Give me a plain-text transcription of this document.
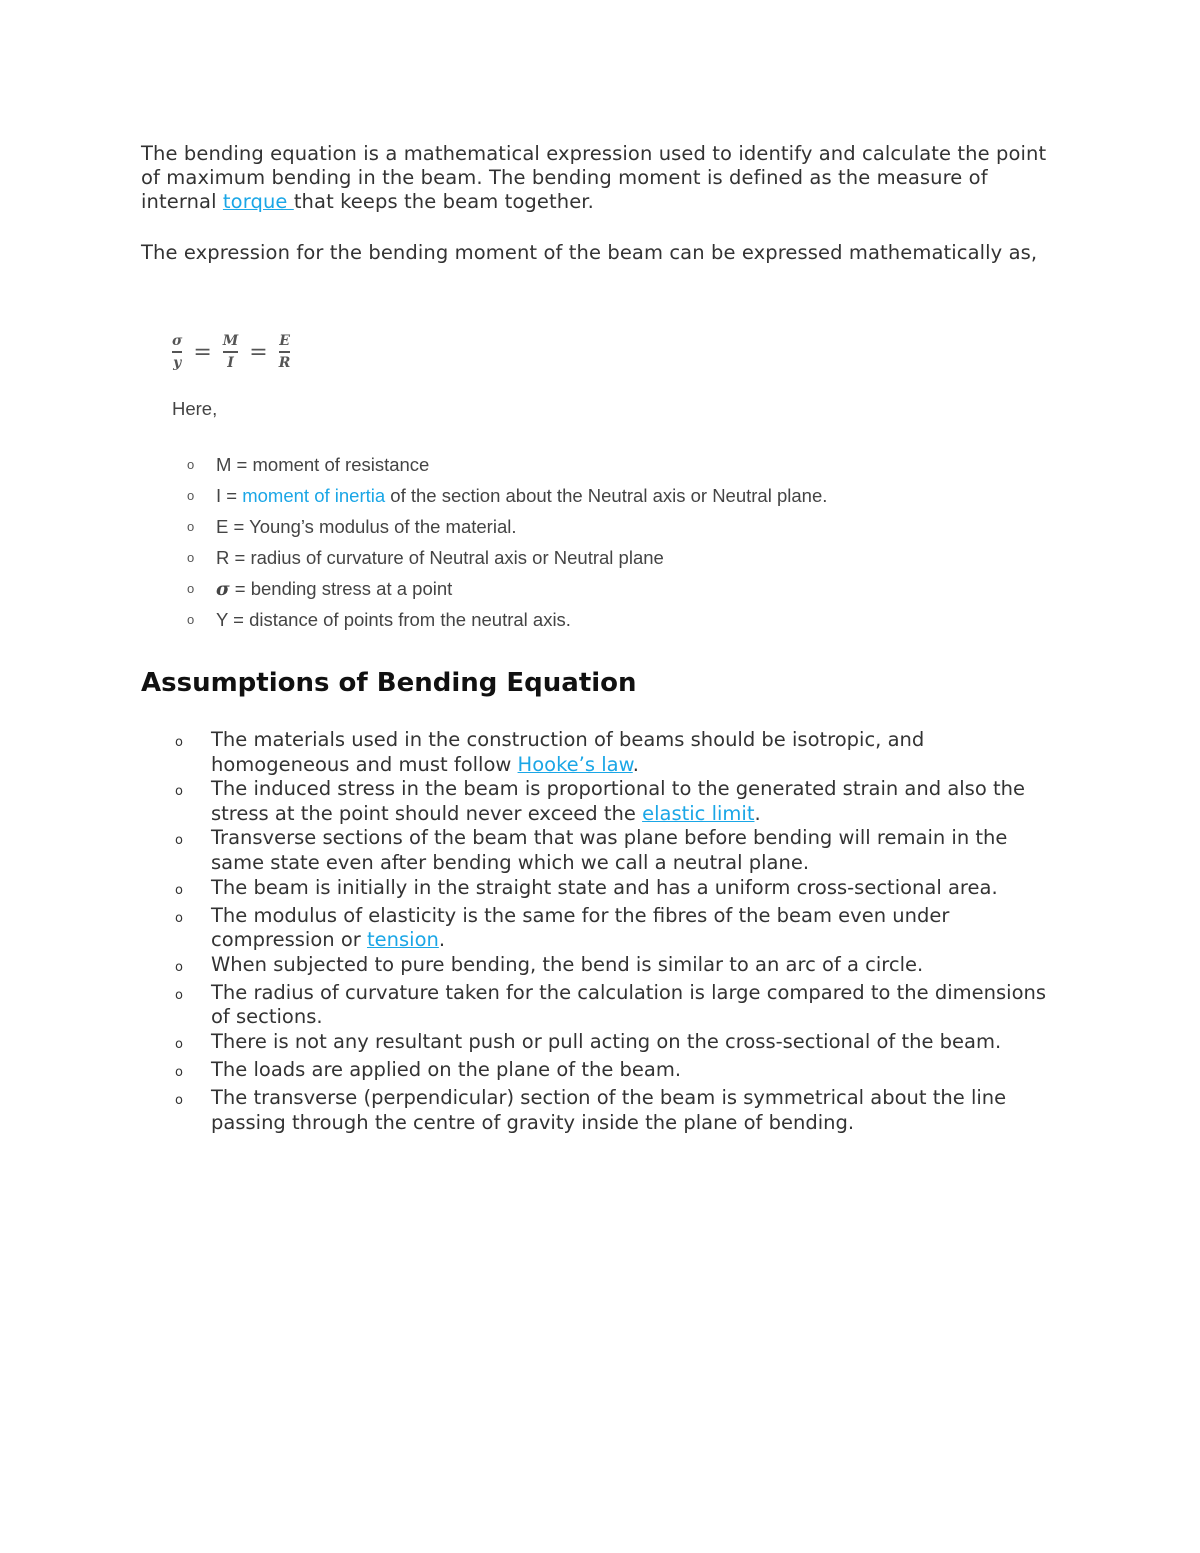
The bending equation is a mathematical expression used to identify and calculate the point of maximum bending in the beam. The bending moment is defined as the measure of internal torque that keeps the beam together.

The expression for the bending moment of the beam can be expressed mathematically as,

$\frac{\sigma}{y} = \frac{M}{I} = \frac{E}{R}$
Here,
o	M = moment of resistance
o	I = moment of inertia of the section about the Neutral axis or Neutral plane.
o	E = Young’s modulus of the material.
o	R = radius of curvature of Neutral axis or Neutral plane
o	σ = bending stress at a point
o	Y = distance of points from the neutral axis.
Assumptions of Bending Equation
o	The materials used in the construction of beams should be isotropic, and homogeneous and must follow Hooke’s law.
o	The induced stress in the beam is proportional to the generated strain and also the stress at the point should never exceed the elastic limit.
o	Transverse sections of the beam that was plane before bending will remain in the same state even after bending which we call a neutral plane.
o	The beam is initially in the straight state and has a uniform cross-sectional area.
o	The modulus of elasticity is the same for the fibres of the beam even under compression or tension.
o	When subjected to pure bending, the bend is similar to an arc of a circle.
o	The radius of curvature taken for the calculation is large compared to the dimensions of sections.
o	There is not any resultant push or pull acting on the cross-sectional of the beam.
o	The loads are applied on the plane of the beam.
o	The transverse (perpendicular) section of the beam is symmetrical about the line passing through the centre of gravity inside the plane of bending.
